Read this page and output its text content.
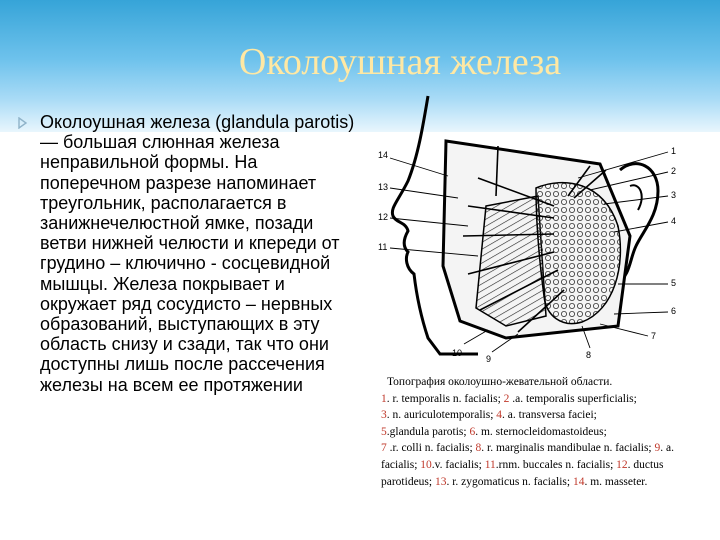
Околоушная железа
Околоушная железа (glandula parotis) — большая слюнная железа неправильной формы. На поперечном разрезе напоминает треугольник, располагается в занижнечелюстной ямке, позади ветви нижней челюсти и кпереди от грудино – ключично - сосцевидной мышцы. Железа покрывает и окружает ряд сосудисто – нервных образований, выступающих в эту область снизу и сзади, так что они доступны лишь после рассечения железы на всем ее протяжении
14
13
12
11
1
2
3
4
5
6
7
8
9
10
Топография околоушно-жевательной области.
1. r. temporalis n. facialis; 2 .a. temporalis superficialis;
3. n. auriculotemporalis; 4. a. transversa faciei;
5.glandula parotis; 6. m. sternocleidomastoideus;
7 .r. colli n. facialis; 8. r. marginalis mandibulae n. facialis; 9. a. facialis; 10.v. facialis; 11.rnm. buccales n. facialis; 12. ductus parotideus; 13. r. zygomaticus n. facialis; 14. m. masseter.
